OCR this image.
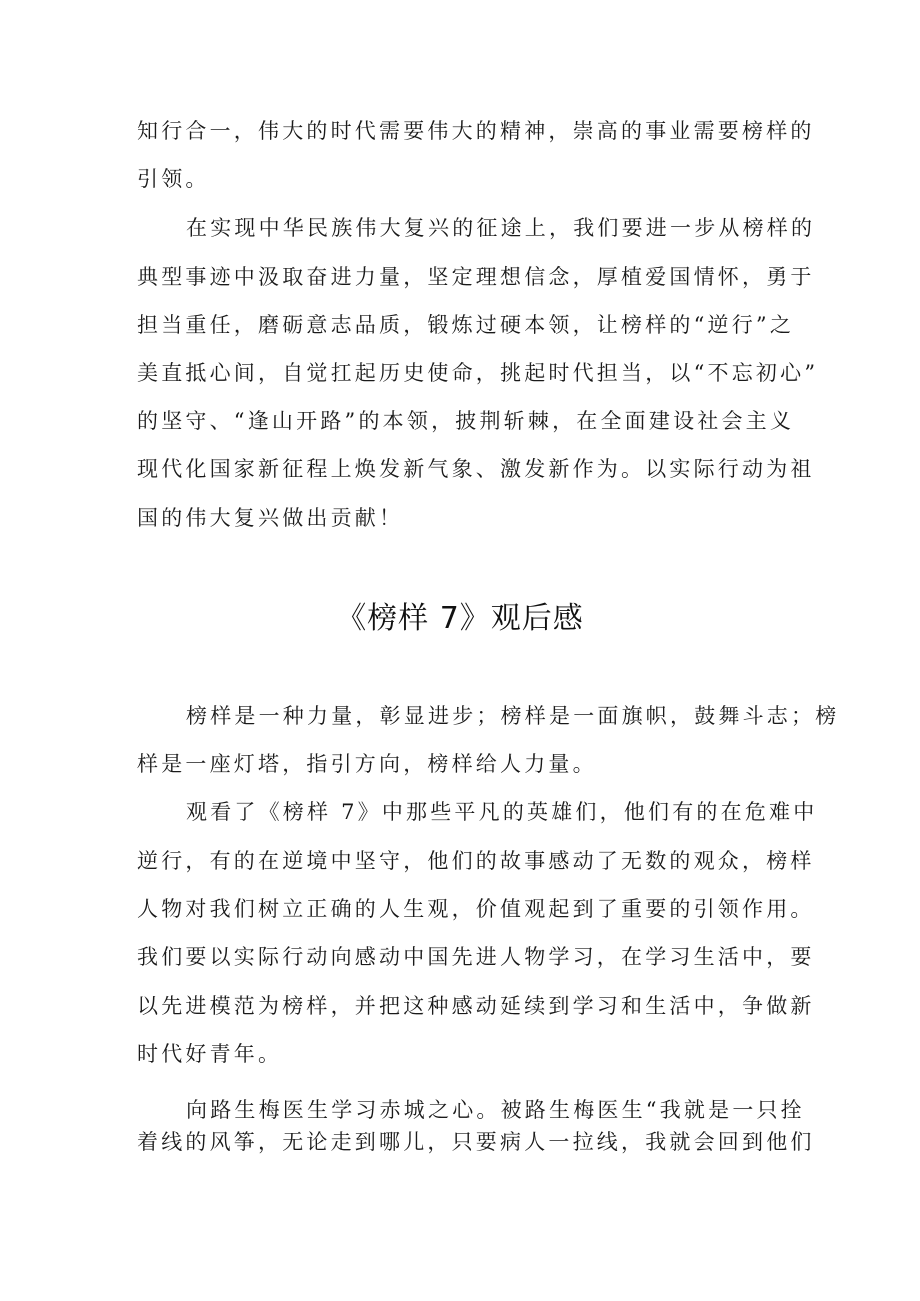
知行合一，伟大的时代需要伟大的精神，崇高的事业需要榜样的

引领。

在实现中华民族伟大复兴的征途上，我们要进一步从榜样的

典型事迹中汲取奋进力量，坚定理想信念，厚植爱国情怀，勇于

担当重任，磨砺意志品质，锻炼过硬本领，让榜样的“逆行”之

美直抵心间，自觉扛起历史使命，挑起时代担当，以“不忘初心”

的坚守、“逢山开路”的本领，披荆斩棘，在全面建设社会主义

现代化国家新征程上焕发新气象、激发新作为。以实际行动为祖

国的伟大复兴做出贡献！

《榜样 7》观后感

榜样是一种力量，彰显进步；榜样是一面旗帜，鼓舞斗志；榜

样是一座灯塔，指引方向，榜样给人力量。

观看了《榜样 7》中那些平凡的英雄们，他们有的在危难中

逆行，有的在逆境中坚守，他们的故事感动了无数的观众，榜样

人物对我们树立正确的人生观，价值观起到了重要的引领作用。

我们要以实际行动向感动中国先进人物学习，在学习生活中，要

以先进模范为榜样，并把这种感动延续到学习和生活中，争做新

时代好青年。

向路生梅医生学习赤城之心。被路生梅医生“我就是一只拴

着线的风筝，无论走到哪儿，只要病人一拉线，我就会回到他们
